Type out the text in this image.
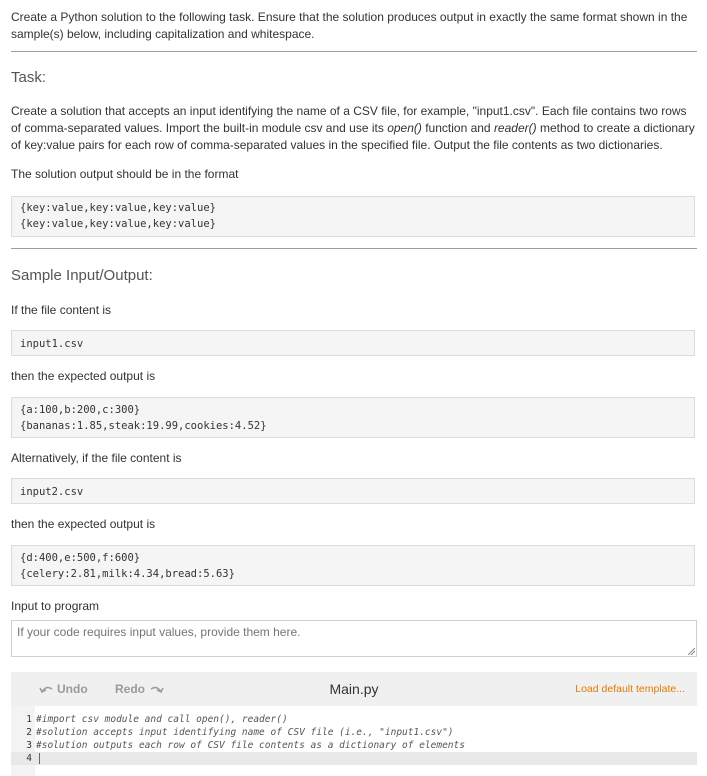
Create a Python solution to the following task. Ensure that the solution produces output in exactly the same format shown in the sample(s) below, including capitalization and whitespace.
Task:
Create a solution that accepts an input identifying the name of a CSV file, for example, "input1.csv". Each file contains two rows of comma-separated values. Import the built-in module csv and use its open() function and reader() method to create a dictionary of key:value pairs for each row of comma-separated values in the specified file. Output the file contents as two dictionaries.
The solution output should be in the format
{key:value,key:value,key:value}
{key:value,key:value,key:value}
Sample Input/Output:
If the file content is
input1.csv
then the expected output is
{a:100,b:200,c:300}
{bananas:1.85,steak:19.99,cookies:4.52}
Alternatively, if the file content is
input2.csv
then the expected output is
{d:400,e:500,f:600}
{celery:2.81,milk:4.34,bread:5.63}
Input to program
If your code requires input values, provide them here.
Undo Redo	Main.py	Load default template...
1 #import csv module and call open(), reader()
2 #solution accepts input identifying name of CSV file (i.e., "input1.csv")
3 #solution outputs each row of CSV file contents as a dictionary of elements
4
